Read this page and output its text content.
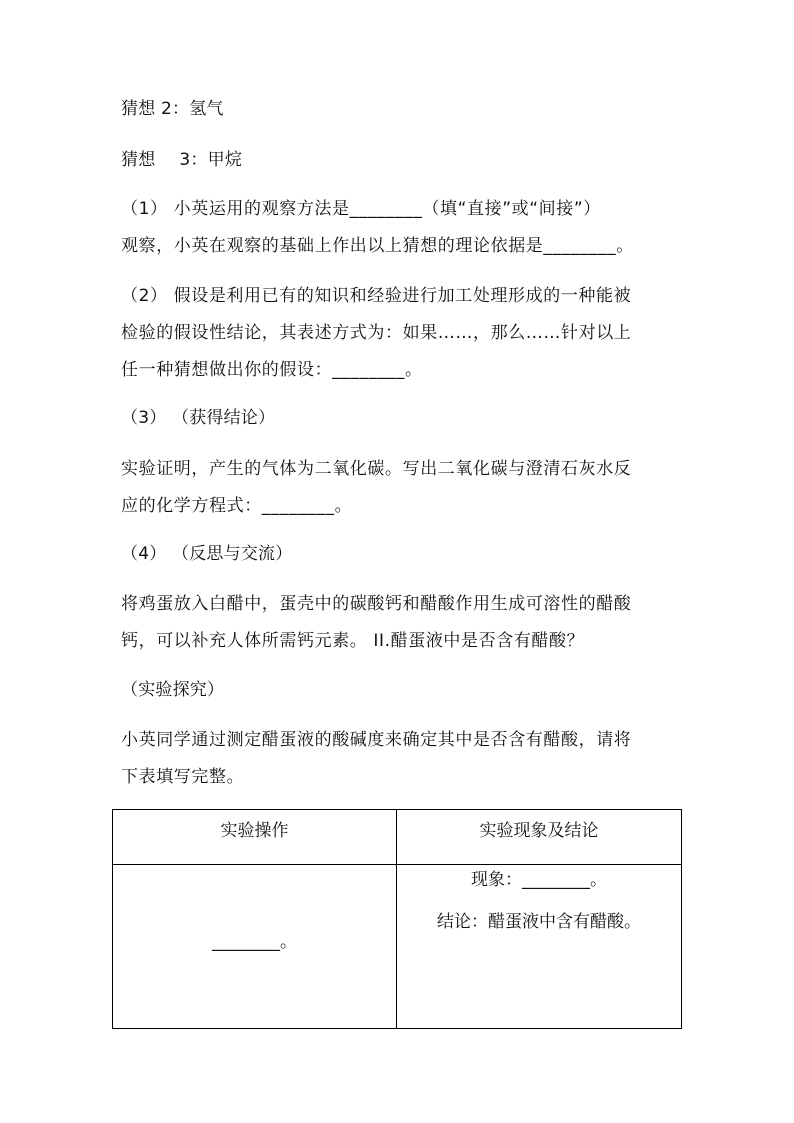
猜想 2：氢气
猜想 3：甲烷
（1） 小英运用的观察方法是________（填“直接”或“间接”）
观察，小英在观察的基础上作出以上猜想的理论依据是________。
（2） 假设是利用已有的知识和经验进行加工处理形成的一种能被
检验的假设性结论，其表述方式为：如果……，那么……针对以上
任一种猜想做出你的假设：________。
（3） （获得结论）
实验证明，产生的气体为二氧化碳。写出二氧化碳与澄清石灰水反
应的化学方程式：________。
（4） （反思与交流）
将鸡蛋放入白醋中，蛋壳中的碳酸钙和醋酸作用生成可溶性的醋酸
钙，可以补充人体所需钙元素。 II.醋蛋液中是否含有醋酸？
（实验探究）
小英同学通过测定醋蛋液的酸碱度来确定其中是否含有醋酸，请将
下表填写完整。
实验操作	实验现象及结论
________。	现象：________。
结论：醋蛋液中含有醋酸。
